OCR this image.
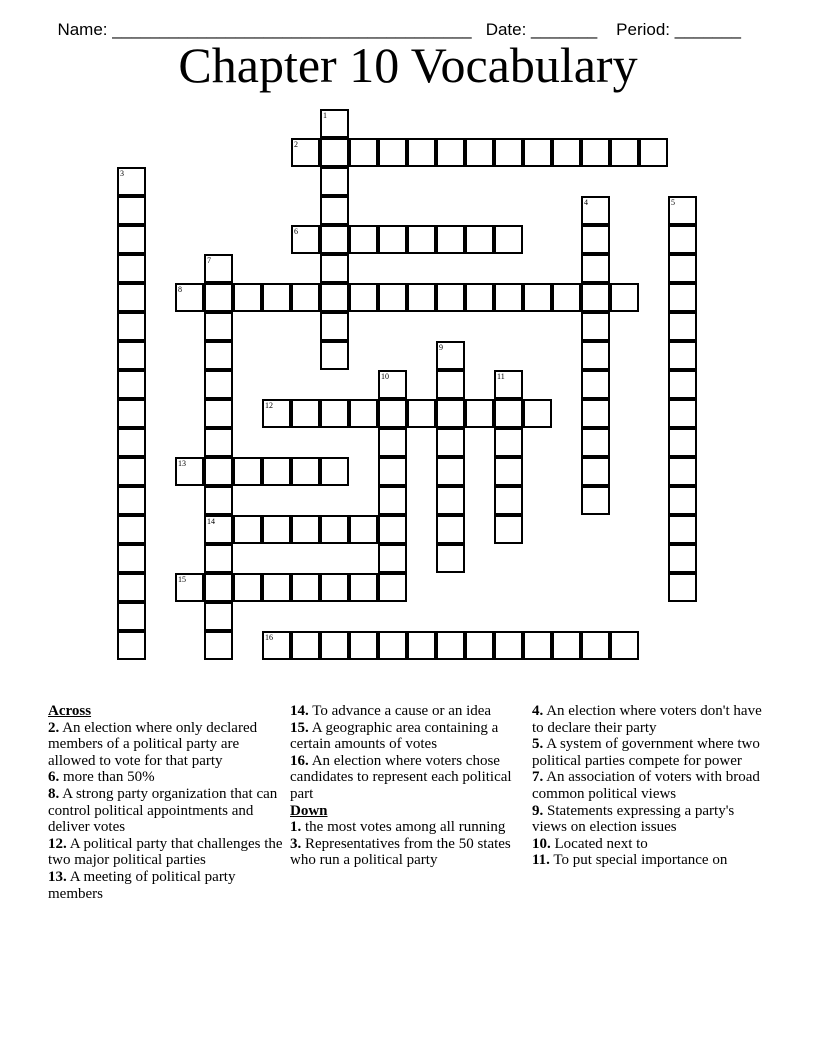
Name: ______________________________________ Date: _______ Period: _______

Chapter 10 Vocabulary
1
2
3
4	5
6
7
14
8
9
10	11
12
13
15
16
Across
2. An election where only declared members of a political party are allowed to vote for that party
6. more than 50%
8. A strong party organization that can control political appointments and deliver votes
12. A political party that challenges the two major political parties
13. A meeting of political party members
14. To advance a cause or an idea
15. A geographic area containing a certain amounts of votes
16. An election where voters chose candidates to represent each political part
Down
1. the most votes among all running
3. Representatives from the 50 states who run a political party
4. An election where voters don't have to declare their party
5. A system of government where two political parties compete for power
7. An association of voters with broad common political views
9. Statements expressing a party's views on election issues
10. Located next to
11. To put special importance on
